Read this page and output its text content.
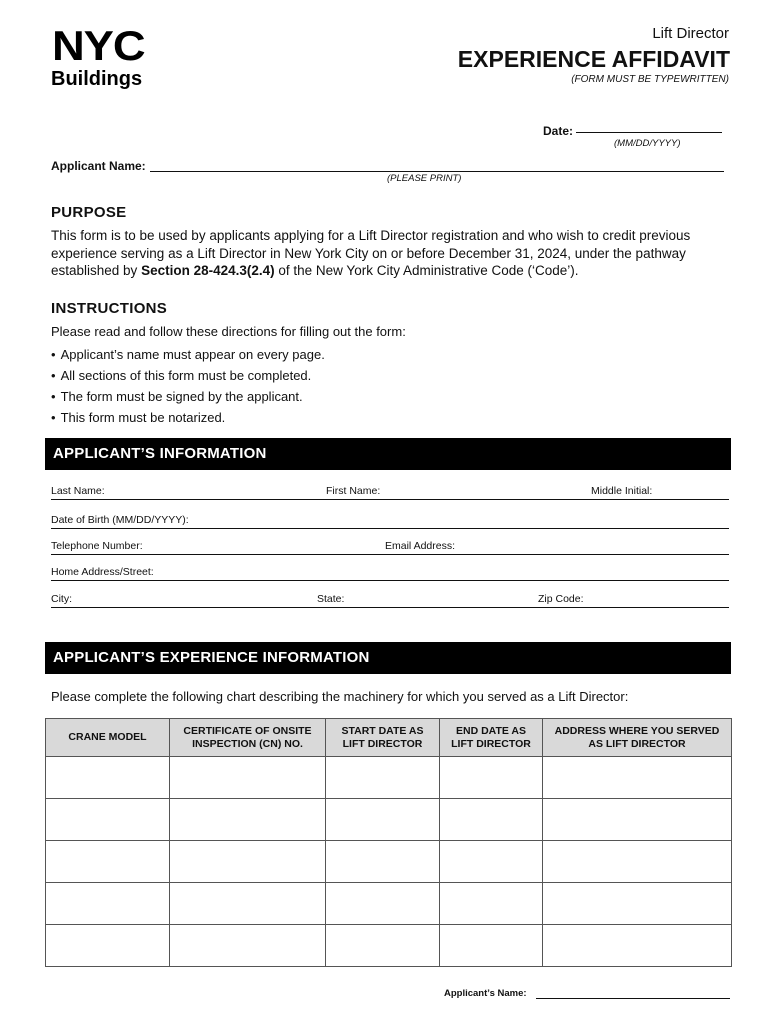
NYC
Buildings
Lift Director
EXPERIENCE AFFIDAVIT
(FORM MUST BE TYPEWRITTEN)
Date:
(MM/DD/YYYY)
Applicant Name:
(PLEASE PRINT)
PURPOSE
This form is to be used by applicants applying for a Lift Director registration and who wish to credit previous experience serving as a Lift Director in New York City on or before December 31, 2024, under the pathway established by Section 28-424.3(2.4) of the New York City Administrative Code (‘Code’).
INSTRUCTIONS
Please read and follow these directions for filling out the form:
• Applicant’s name must appear on every page.
• All sections of this form must be completed.
• The form must be signed by the applicant.
• This form must be notarized.
APPLICANT’S INFORMATION
Last Name:	First Name:	Middle Initial:
Date of Birth (MM/DD/YYYY):
Telephone Number:	Email Address:
Home Address/Street:
City:	State:	Zip Code:
APPLICANT’S EXPERIENCE INFORMATION
Please complete the following chart describing the machinery for which you served as a Lift Director:
CRANE MODEL	CERTIFICATE OF ONSITE INSPECTION (CN) NO.	START DATE AS LIFT DIRECTOR	END DATE AS LIFT DIRECTOR	ADDRESS WHERE YOU SERVED AS LIFT DIRECTOR

Applicant’s Name:
